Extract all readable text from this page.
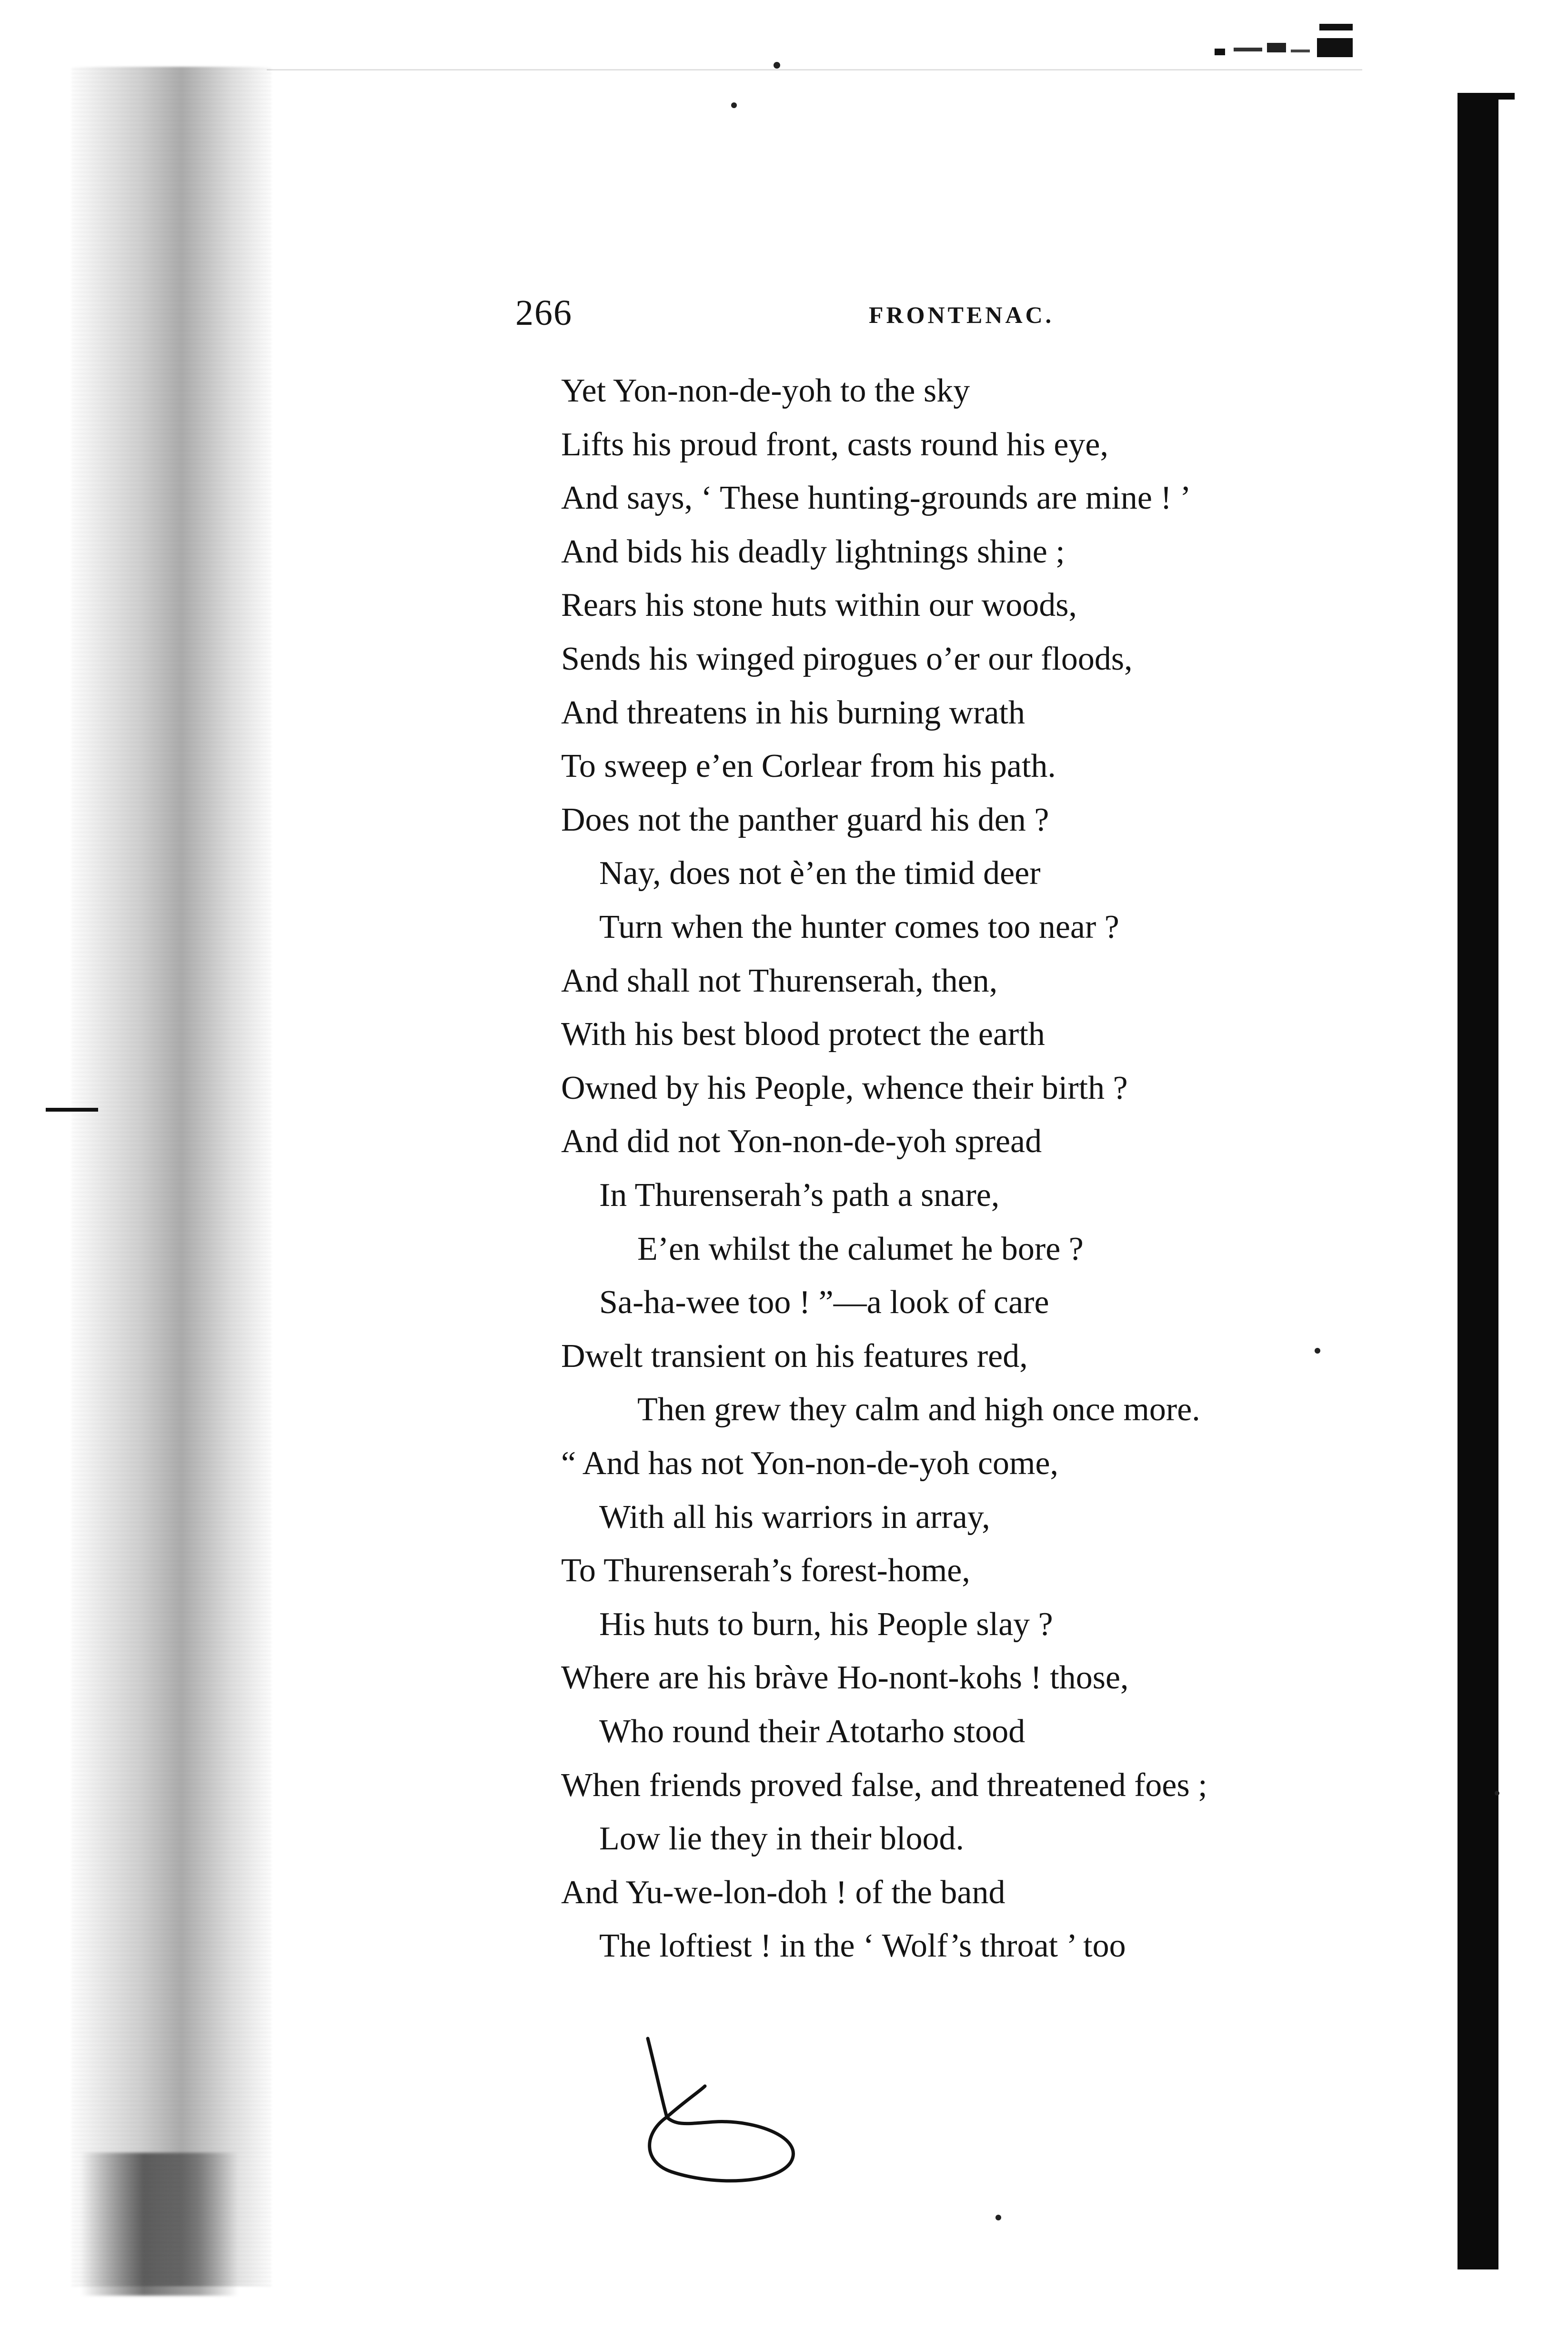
266	FRONTENAC.
Yet Yon-non-de-yoh to the sky
Lifts his proud front, casts round his eye,
And says, ‘ These hunting-grounds are mine ! ’
And bids his deadly lightnings shine ;
Rears his stone huts within our woods,
Sends his winged pirogues o’er our floods,
And threatens in his burning wrath
To sweep e’en Corlear from his path.
Does not the panther guard his den ?
Nay, does not è’en the timid deer
Turn when the hunter comes too near ?
And shall not Thurenserah, then,
With his best blood protect the earth
Owned by his People, whence their birth ?
And did not Yon-non-de-yoh spread
In Thurenserah’s path a snare,
E’en whilst the calumet he bore ?
Sa-ha-wee too ! ”—a look of care
Dwelt transient on his features red,
Then grew they calm and high once more.
“ And has not Yon-non-de-yoh come,
With all his warriors in array,
To Thurenserah’s forest-home,
His huts to burn, his People slay ?
Where are his bràve Ho-nont-kohs ! those,
Who round their Atotarho stood
When friends proved false, and threatened foes ;
Low lie they in their blood.
And Yu-we-lon-doh ! of the band
The loftiest ! in the ‘ Wolf’s throat ’ too
